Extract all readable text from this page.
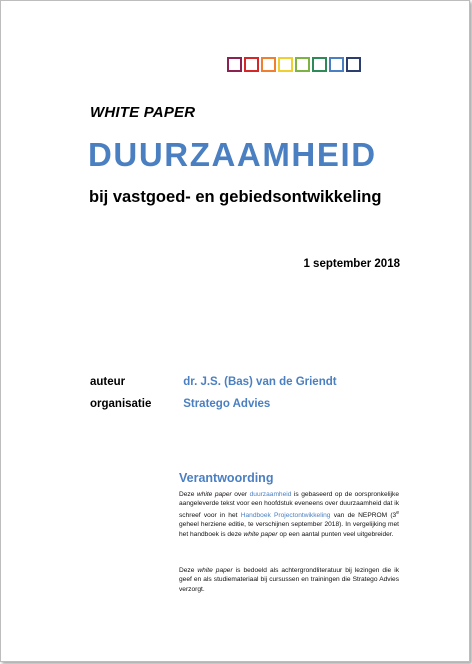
WHITE PAPER
DUURZAAMHEID
bij vastgoed- en gebiedsontwikkeling
1 september 2018
auteur	dr. J.S. (Bas) van de Griendt
organisatie	Stratego Advies
Verantwoording

Deze white paper over duurzaamheid is gebaseerd op de oorspronkelijke aangeleverde tekst voor een hoofdstuk eveneens over duurzaamheid dat ik schreef voor in het Handboek Projectontwikkeling van de NEPROM (3e geheel herziene editie, te verschijnen september 2018). In vergelijking met het handboek is deze white paper op een aantal punten veel uitgebreider.

Deze white paper is bedoeld als achtergrondliteratuur bij lezingen die ik geef en als studiemateriaal bij cursussen en trainingen die Stratego Advies verzorgt.
